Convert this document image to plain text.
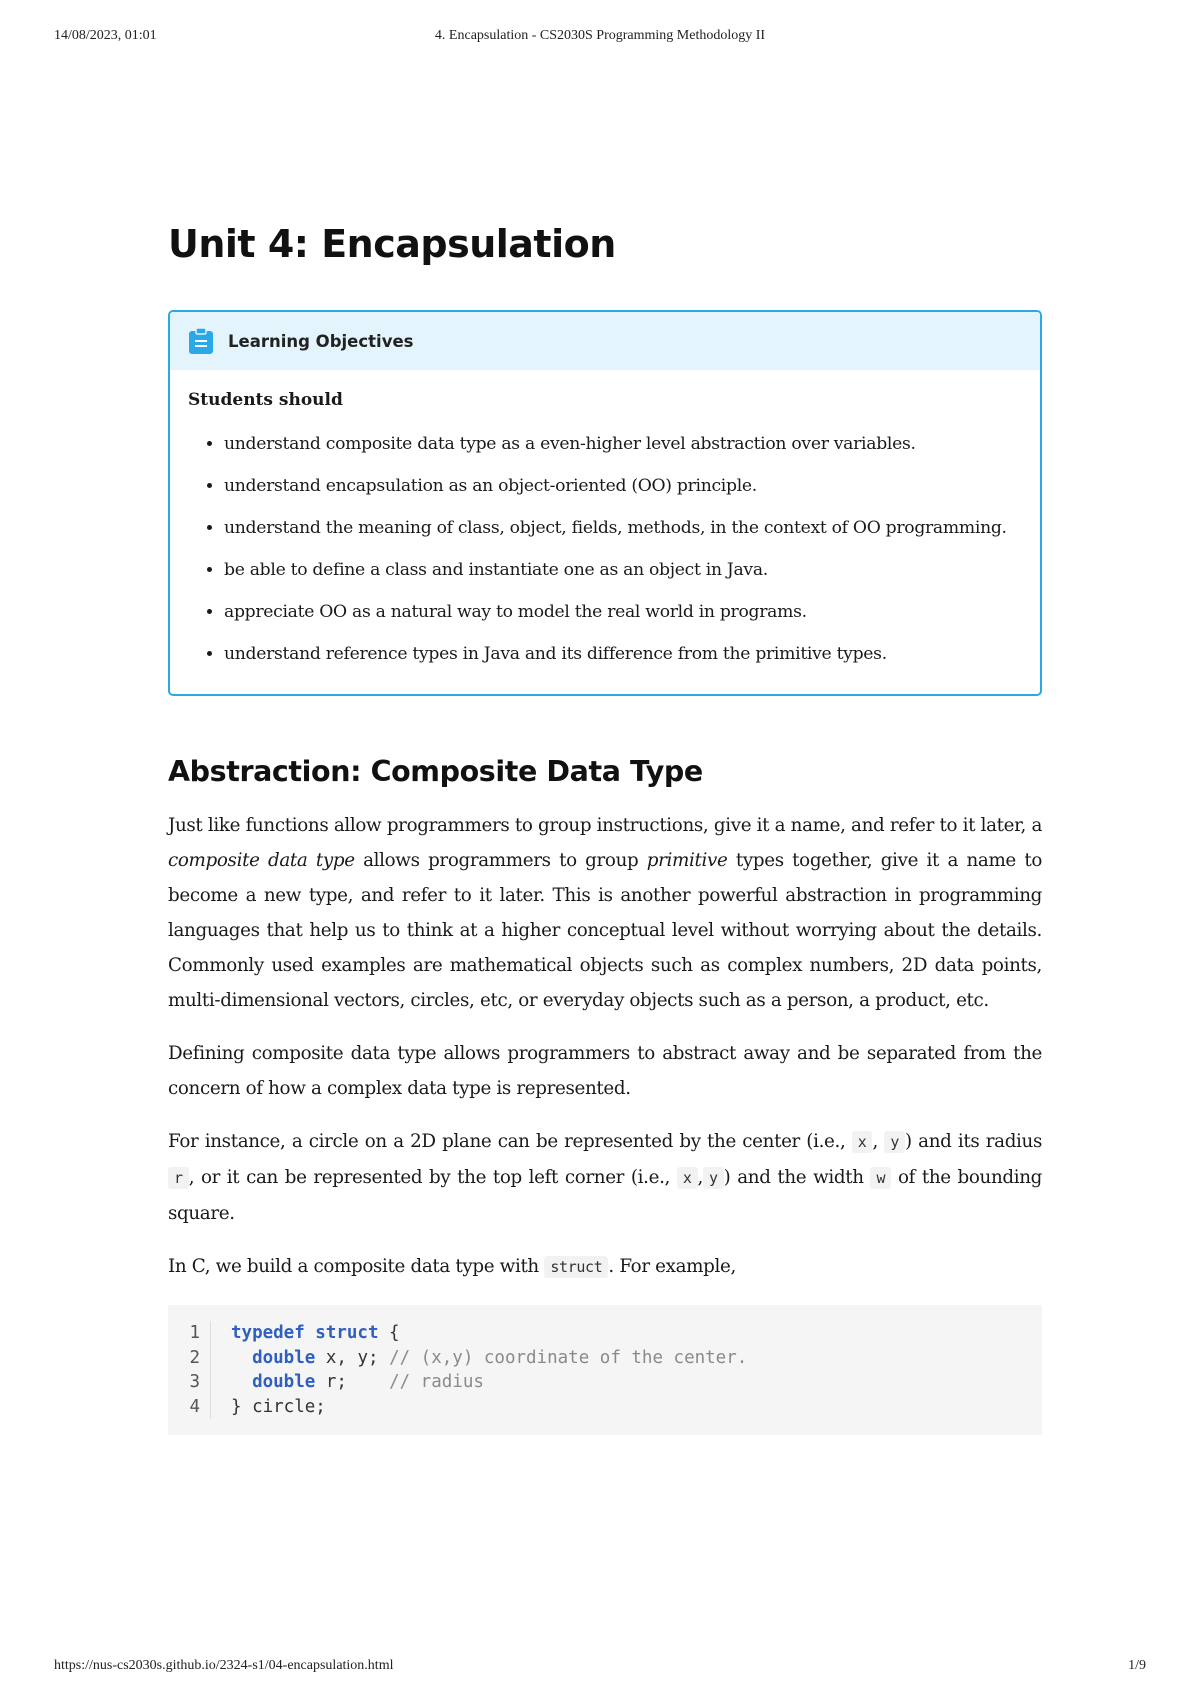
14/08/2023, 01:01	4. Encapsulation - CS2030S Programming Methodology II
Unit 4: Encapsulation
Learning Objectives

Students should

• understand composite data type as a even-higher level abstraction over variables.
• understand encapsulation as an object-oriented (OO) principle.
• understand the meaning of class, object, fields, methods, in the context of OO programming.
• be able to define a class and instantiate one as an object in Java.
• appreciate OO as a natural way to model the real world in programs.
• understand reference types in Java and its difference from the primitive types.
Abstraction: Composite Data Type

Just like functions allow programmers to group instructions, give it a name, and refer to it later, a composite data type allows programmers to group primitive types together, give it a name to become a new type, and refer to it later. This is another powerful abstraction in programming languages that help us to think at a higher conceptual level without worrying about the details. Commonly used examples are mathematical objects such as complex numbers, 2D data points, multi-dimensional vectors, circles, etc, or everyday objects such as a person, a product, etc.

Defining composite data type allows programmers to abstract away and be separated from the concern of how a complex data type is represented.

For instance, a circle on a 2D plane can be represented by the center (i.e., x , y ) and its radius r , or it can be represented by the top left corner (i.e., x , y ) and the width w of the bounding square.

In C, we build a composite data type with struct . For example,

1	typedef struct {
2	double x, y; // (x,y) coordinate of the center.
3	double r;    // radius
4	} circle;
https://nus-cs2030s.github.io/2324-s1/04-encapsulation.html	1/9
